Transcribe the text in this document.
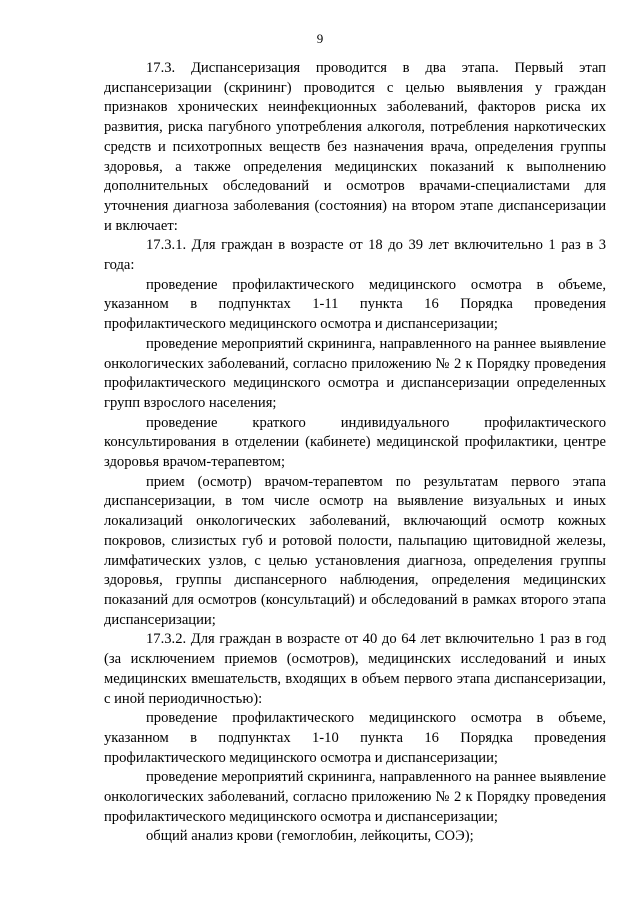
9

17.3. Диспансеризация проводится в два этапа. Первый этап диспансеризации (скрининг) проводится с целью выявления у граждан признаков хронических неинфекционных заболеваний, факторов риска их развития, риска пагубного употребления алкоголя, потребления наркотических средств и психотропных веществ без назначения врача, определения группы здоровья, а также определения медицинских показаний к выполнению дополнительных обследований и осмотров врачами-специалистами для уточнения диагноза заболевания (состояния) на втором этапе диспансеризации и включает:

17.3.1. Для граждан в возрасте от 18 до 39 лет включительно 1 раз в 3 года:

проведение профилактического медицинского осмотра в объеме, указанном в подпунктах 1-11 пункта 16 Порядка проведения профилактического медицинского осмотра и диспансеризации;

проведение мероприятий скрининга, направленного на раннее выявление онкологических заболеваний, согласно приложению № 2 к Порядку проведения профилактического медицинского осмотра и диспансеризации определенных групп взрослого населения;

проведение краткого индивидуального профилактического консультирования в отделении (кабинете) медицинской профилактики, центре здоровья врачом-терапевтом;

прием (осмотр) врачом-терапевтом по результатам первого этапа диспансеризации, в том числе осмотр на выявление визуальных и иных локализаций онкологических заболеваний, включающий осмотр кожных покровов, слизистых губ и ротовой полости, пальпацию щитовидной железы, лимфатических узлов, с целью установления диагноза, определения группы здоровья, группы диспансерного наблюдения, определения медицинских показаний для осмотров (консультаций) и обследований в рамках второго этапа диспансеризации;

17.3.2. Для граждан в возрасте от 40 до 64 лет включительно 1 раз в год (за исключением приемов (осмотров), медицинских исследований и иных медицинских вмешательств, входящих в объем первого этапа диспансеризации, с иной периодичностью):

проведение профилактического медицинского осмотра в объеме, указанном в подпунктах 1-10 пункта 16 Порядка проведения профилактического медицинского осмотра и диспансеризации;

проведение мероприятий скрининга, направленного на раннее выявление онкологических заболеваний, согласно приложению № 2 к Порядку проведения профилактического медицинского осмотра и диспансеризации;

общий анализ крови (гемоглобин, лейкоциты, СОЭ);
